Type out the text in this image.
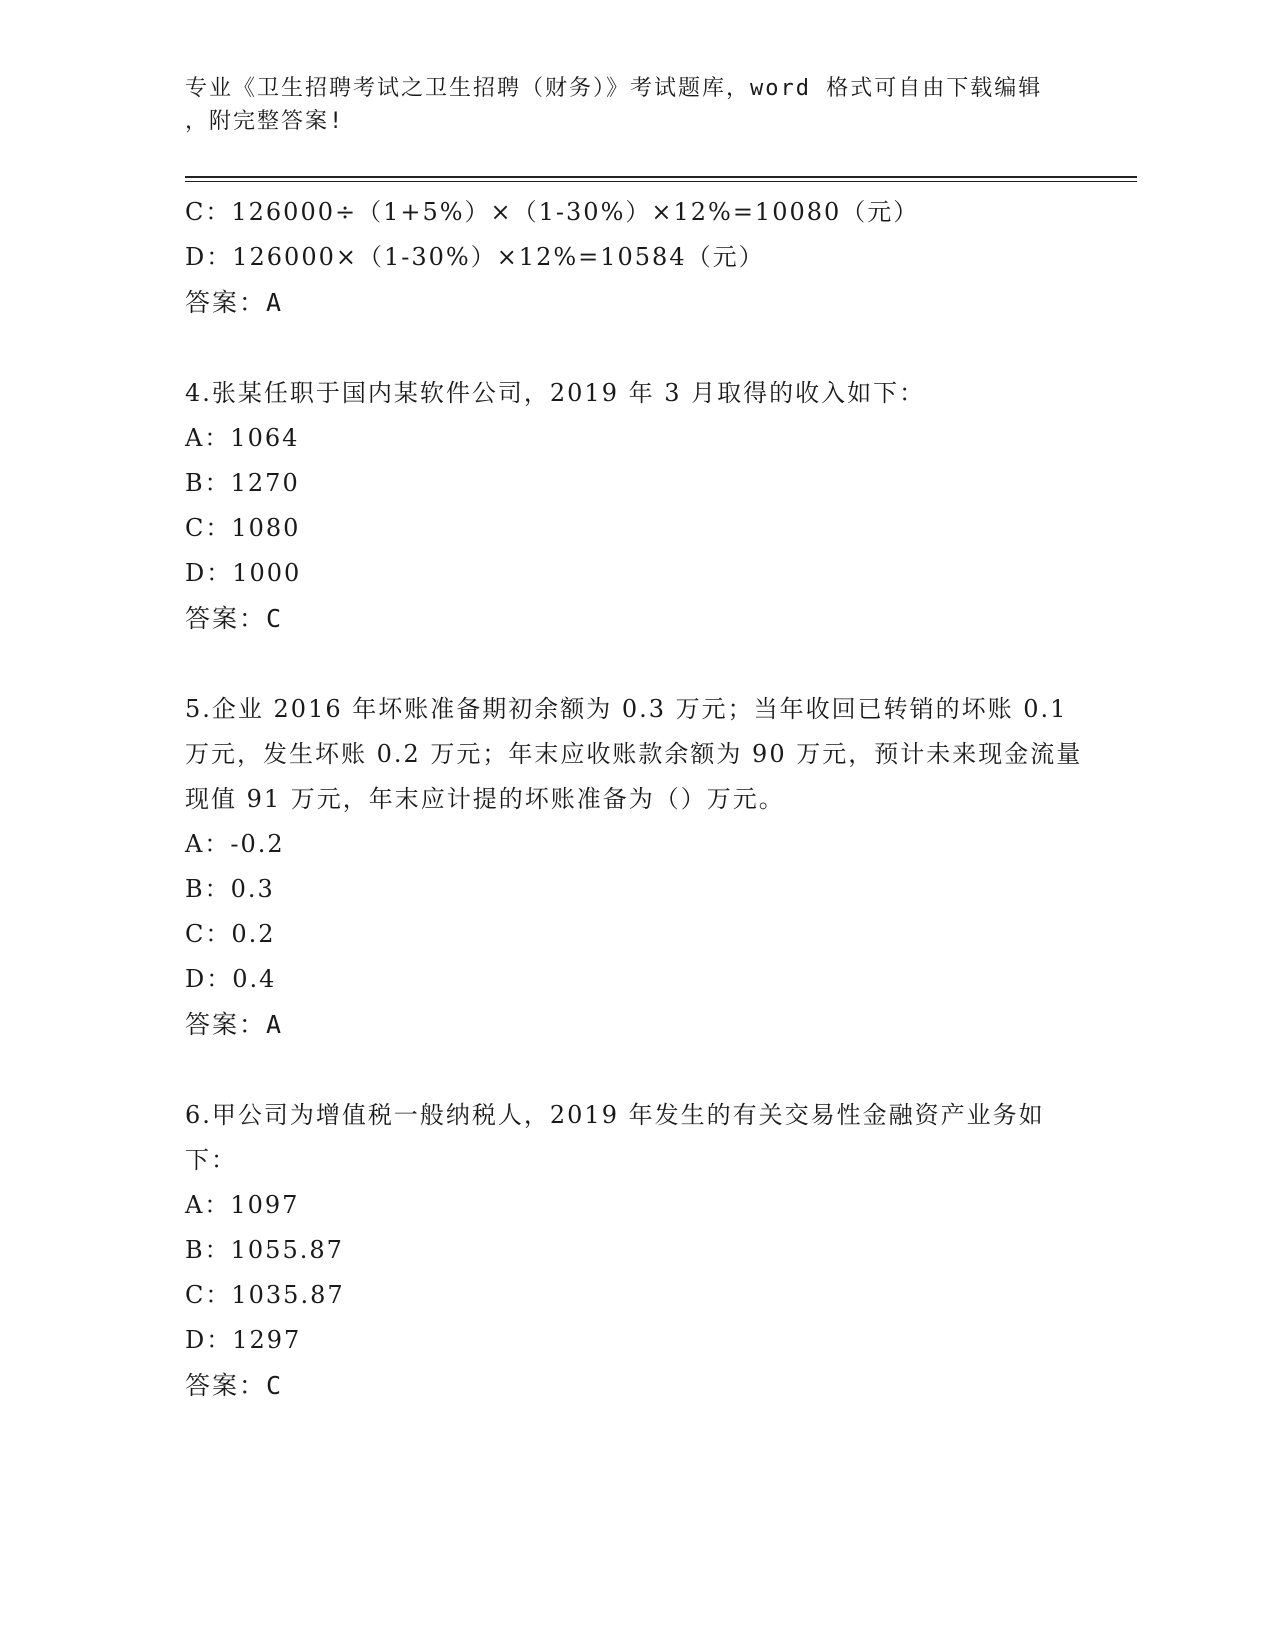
专业《卫生招聘考试之卫生招聘（财务）》考试题库，word 格式可自由下载编辑
，附完整答案!
C：126000÷（1+5%）×（1-30%）×12%=10080（元）
D：126000×（1-30%）×12%=10584（元）
答案：A
4.张某任职于国内某软件公司，2019 年 3 月取得的收入如下：
A：1064
B：1270
C：1080
D：1000
答案：C
5.企业 2016 年坏账准备期初余额为 0.3 万元；当年收回已转销的坏账 0.1 万元，发生坏账 0.2 万元；年末应收账款余额为 90 万元，预计未来现金流量现值 91 万元，年末应计提的坏账准备为（）万元。
A：-0.2
B：0.3
C：0.2
D：0.4
答案：A
6.甲公司为增值税一般纳税人，2019 年发生的有关交易性金融资产业务如下：
A：1097
B：1055.87
C：1035.87
D：1297
答案：C
